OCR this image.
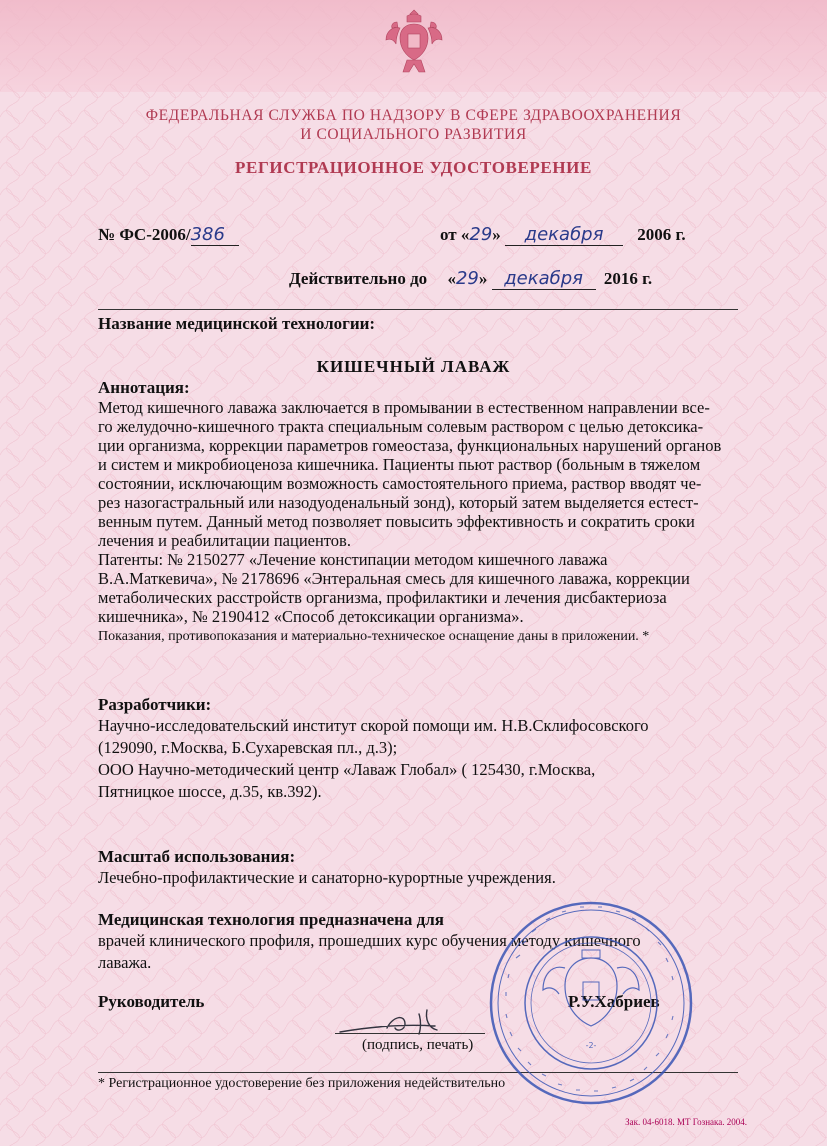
ФЕДЕРАЛЬНАЯ СЛУЖБА ПО НАДЗОРУ В СФЕРЕ ЗДРАВООХРАНЕНИЯ
И СОЦИАЛЬНОГО РАЗВИТИЯ
РЕГИСТРАЦИОННОЕ УДОСТОВЕРЕНИЕ
№ ФС-2006/386	от «29» декабря 2006 г.
Действительно до «29» декабря 2016 г.
Название медицинской технологии:
КИШЕЧНЫЙ ЛАВАЖ
Аннотация:
Метод кишечного лаважа заключается в промывании в естественном направлении все-
го желудочно-кишечного тракта специальным солевым раствором с целью детоксика-
ции организма, коррекции параметров гомеостаза, функциональных нарушений органов
и систем и микробиоценоза кишечника. Пациенты пьют раствор (больным в тяжелом
состоянии, исключающим возможность самостоятельного приема, раствор вводят че-
рез назогастральный или назодуоденальный зонд), который затем выделяется естест-
венным путем. Данный метод позволяет повысить эффективность и сократить сроки
лечения и реабилитации пациентов.
Патенты: № 2150277 «Лечение констипации методом кишечного лаважа
В.А.Маткевича», № 2178696 «Энтеральная смесь для кишечного лаважа, коррекции
метаболических расстройств организма, профилактики и лечения дисбактериоза
кишечника», № 2190412 «Способ детоксикации организма».
Показания, противопоказания и материально-техническое оснащение даны в приложении. *
Разработчики:
Научно-исследовательский институт скорой помощи им. Н.В.Склифосовского
(129090, г.Москва, Б.Сухаревская пл., д.3);
ООО Научно-методический центр «Лаваж Глобал» ( 125430, г.Москва,
Пятницкое шоссе, д.35, кв.392).
Масштаб использования:
Лечебно-профилактические и санаторно-курортные учреждения.
Медицинская технология предназначена для
врачей клинического профиля, прошедших курс обучения методу кишечного
лаважа.
Руководитель	Р.У.Хабриев
(подпись, печать)	-2-
* Регистрационное удостоверение без приложения недействительно
Зак. 04-6018. МТ Гознака. 2004.
